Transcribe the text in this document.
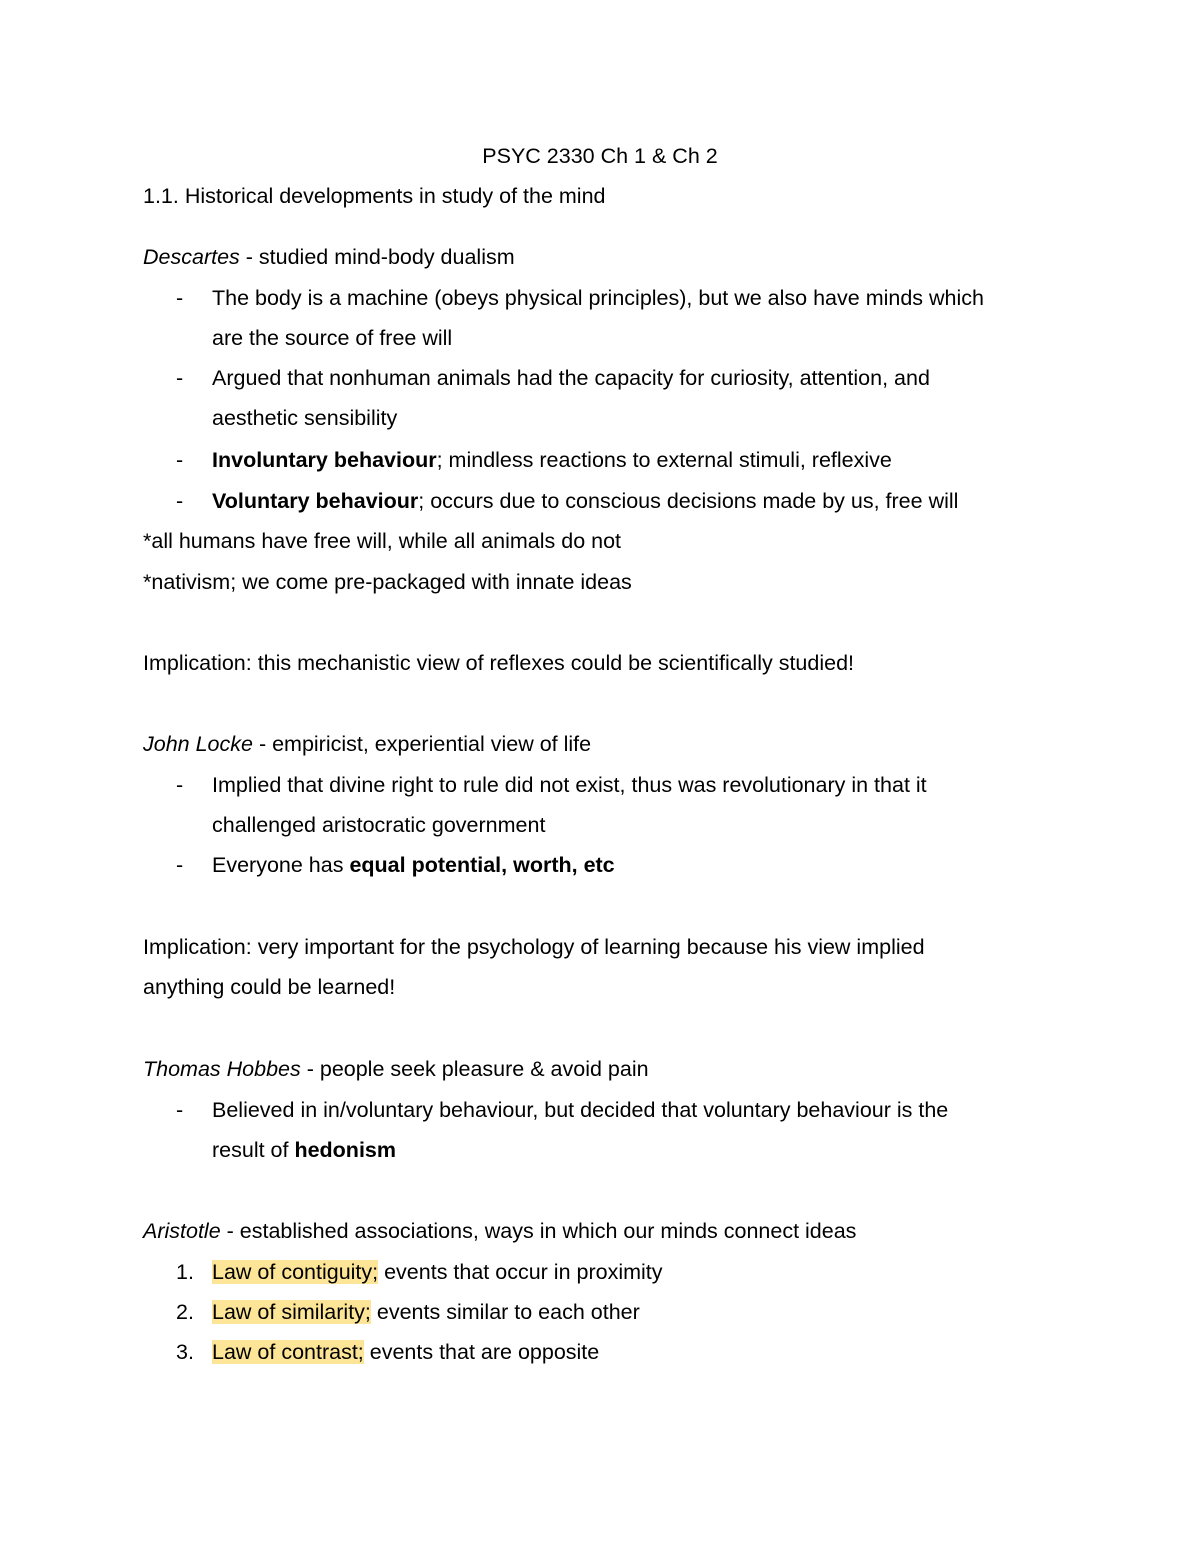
PSYC 2330 Ch 1 & Ch 2
1.1. Historical developments in study of the mind
Descartes - studied mind-body dualism
- The body is a machine (obeys physical principles), but we also have minds which
are the source of free will
- Argued that nonhuman animals had the capacity for curiosity, attention, and
aesthetic sensibility
- Involuntary behaviour; mindless reactions to external stimuli, reflexive
- Voluntary behaviour; occurs due to conscious decisions made by us, free will
*all humans have free will, while all animals do not
*nativism; we come pre-packaged with innate ideas
Implication: this mechanistic view of reflexes could be scientifically studied!
John Locke - empiricist, experiential view of life
- Implied that divine right to rule did not exist, thus was revolutionary in that it
challenged aristocratic government
- Everyone has equal potential, worth, etc
Implication: very important for the psychology of learning because his view implied
anything could be learned!
Thomas Hobbes - people seek pleasure & avoid pain
- Believed in in/voluntary behaviour, but decided that voluntary behaviour is the
result of hedonism
Aristotle - established associations, ways in which our minds connect ideas
1. Law of contiguity; events that occur in proximity
2. Law of similarity; events similar to each other
3. Law of contrast; events that are opposite
